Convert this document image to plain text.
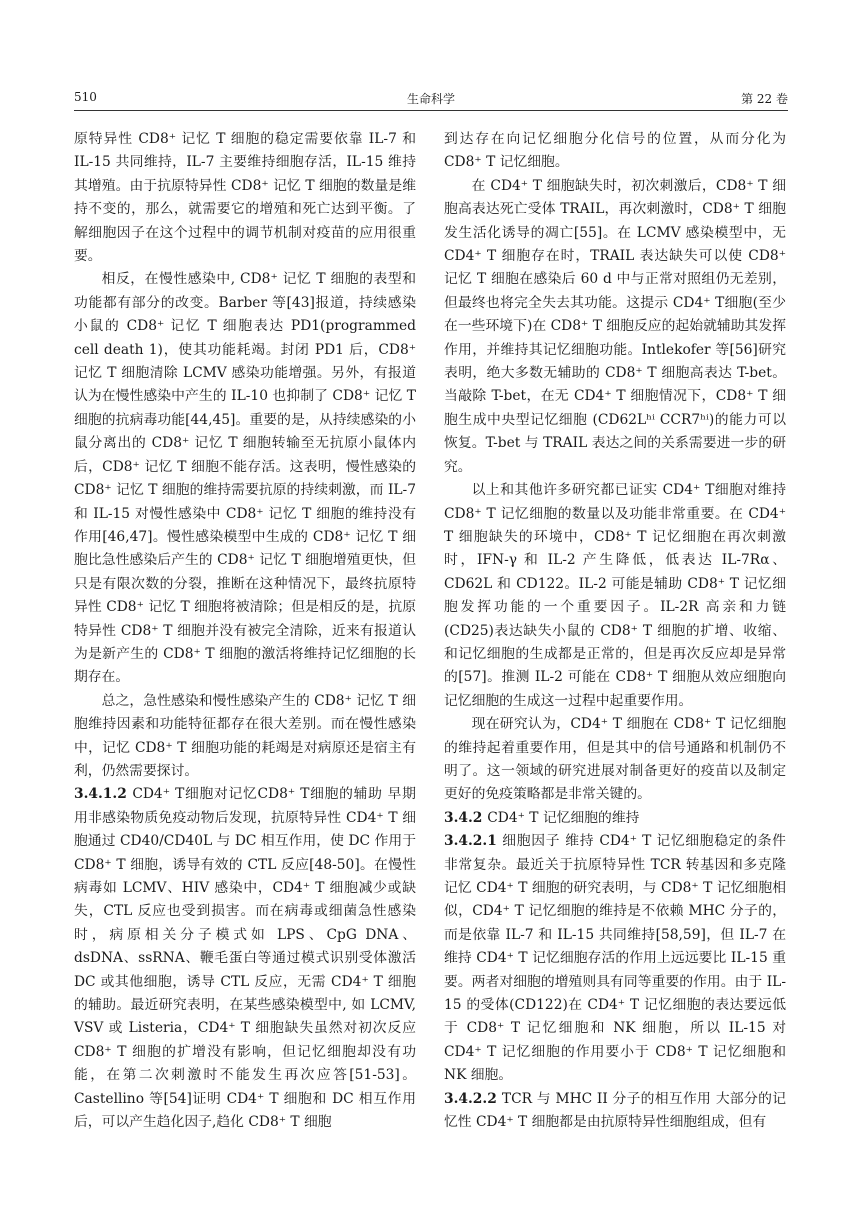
510	生命科学	第 22 卷

原特异性 CD8⁺ 记忆 T 细胞的稳定需要依靠 IL-7 和 IL-15 共同维持，IL-7 主要维持细胞存活，IL-15 维持其增殖。由于抗原特异性 CD8⁺ 记忆 T 细胞的数量是维持不变的，那么，就需要它的增殖和死亡达到平衡。了解细胞因子在这个过程中的调节机制对疫苗的应用很重要。

相反，在慢性感染中, CD8⁺ 记忆 T 细胞的表型和功能都有部分的改变。Barber 等[43]报道，持续感染小鼠的 CD8⁺ 记忆 T 细胞表达 PD1(programmed cell death 1)，使其功能耗竭。封闭 PD1 后，CD8⁺ 记忆 T 细胞清除 LCMV 感染功能增强。另外，有报道认为在慢性感染中产生的 IL-10 也抑制了 CD8⁺ 记忆 T 细胞的抗病毒功能[44,45]。重要的是，从持续感染的小鼠分离出的 CD8⁺ 记忆 T 细胞转输至无抗原小鼠体内后，CD8⁺ 记忆 T 细胞不能存活。这表明，慢性感染的 CD8⁺ 记忆 T 细胞的维持需要抗原的持续刺激，而 IL-7 和 IL-15 对慢性感染中 CD8⁺ 记忆 T 细胞的维持没有作用[46,47]。慢性感染模型中生成的 CD8⁺ 记忆 T 细胞比急性感染后产生的 CD8⁺ 记忆 T 细胞增殖更快，但只是有限次数的分裂，推断在这种情况下，最终抗原特异性 CD8⁺ 记忆 T 细胞将被清除；但是相反的是，抗原特异性 CD8⁺ T 细胞并没有被完全清除，近来有报道认为是新产生的 CD8⁺ T 细胞的激活将维持记忆细胞的长期存在。

总之，急性感染和慢性感染产生的 CD8⁺ 记忆 T 细胞维持因素和功能特征都存在很大差别。而在慢性感染中，记忆 CD8⁺ T 细胞功能的耗竭是对病原还是宿主有利，仍然需要探讨。

3.4.1.2 CD4⁺ T细胞对记忆CD8⁺ T细胞的辅助 早期用非感染物质免疫动物后发现，抗原特异性 CD4⁺ T 细胞通过 CD40/CD40L 与 DC 相互作用，使 DC 作用于 CD8⁺ T 细胞，诱导有效的 CTL 反应[48-50]。在慢性病毒如 LCMV、HIV 感染中，CD4⁺ T 细胞减少或缺失，CTL 反应也受到损害。而在病毒或细菌急性感染时，病原相关分子模式如 LPS、CpG DNA、dsDNA、ssRNA、鞭毛蛋白等通过模式识别受体激活 DC 或其他细胞，诱导 CTL 反应，无需 CD4⁺ T 细胞的辅助。最近研究表明，在某些感染模型中, 如 LCMV, VSV 或 Listeria，CD4⁺ T 细胞缺失虽然对初次反应 CD8⁺ T 细胞的扩增没有影响，但记忆细胞却没有功能，在第二次刺激时不能发生再次应答[51-53]。Castellino 等[54]证明 CD4⁺ T 细胞和 DC 相互作用后，可以产生趋化因子,趋化 CD8⁺ T 细胞

到达存在向记忆细胞分化信号的位置，从而分化为 CD8⁺ T 记忆细胞。

在 CD4⁺ T 细胞缺失时，初次刺激后，CD8⁺ T 细胞高表达死亡受体 TRAIL，再次刺激时，CD8⁺ T 细胞发生活化诱导的凋亡[55]。在 LCMV 感染模型中，无 CD4⁺ T 细胞存在时，TRAIL 表达缺失可以使 CD8⁺ 记忆 T 细胞在感染后 60 d 中与正常对照组仍无差别，但最终也将完全失去其功能。这提示 CD4⁺ T细胞(至少在一些环境下)在 CD8⁺ T 细胞反应的起始就辅助其发挥作用，并维持其记忆细胞功能。Intlekofer 等[56]研究表明，绝大多数无辅助的 CD8⁺ T 细胞高表达 T-bet。当敲除 T-bet，在无 CD4⁺ T 细胞情况下，CD8⁺ T 细胞生成中央型记忆细胞 (CD62Lʰⁱ CCR7ʰⁱ)的能力可以恢复。T-bet 与 TRAIL 表达之间的关系需要进一步的研究。

以上和其他许多研究都已证实 CD4⁺ T细胞对维持 CD8⁺ T 记忆细胞的数量以及功能非常重要。在 CD4⁺ T 细胞缺失的环境中，CD8⁺ T 记忆细胞在再次刺激时，IFN-γ 和 IL-2 产生降低，低表达 IL-7Rα、CD62L 和 CD122。IL-2 可能是辅助 CD8⁺ T 记忆细胞发挥功能的一个重要因子。IL-2R 高亲和力链 (CD25)表达缺失小鼠的 CD8⁺ T 细胞的扩增、收缩、和记忆细胞的生成都是正常的，但是再次反应却是异常的[57]。推测 IL-2 可能在 CD8⁺ T 细胞从效应细胞向记忆细胞的生成这一过程中起重要作用。

现在研究认为，CD4⁺ T 细胞在 CD8⁺ T 记忆细胞的维持起着重要作用，但是其中的信号通路和机制仍不明了。这一领域的研究进展对制备更好的疫苗以及制定更好的免疫策略都是非常关键的。

3.4.2 CD4⁺ T 记忆细胞的维持

3.4.2.1 细胞因子 维持 CD4⁺ T 记忆细胞稳定的条件非常复杂。最近关于抗原特异性 TCR 转基因和多克隆记忆 CD4⁺ T 细胞的研究表明，与 CD8⁺ T 记忆细胞相似，CD4⁺ T 记忆细胞的维持是不依赖 MHC 分子的，而是依靠 IL-7 和 IL-15 共同维持[58,59]，但 IL-7 在维持 CD4⁺ T 记忆细胞存活的作用上远远要比 IL-15 重要。两者对细胞的增殖则具有同等重要的作用。由于 IL-15 的受体(CD122)在 CD4⁺ T 记忆细胞的表达要远低于 CD8⁺ T 记忆细胞和 NK 细胞，所以 IL-15 对 CD4⁺ T 记忆细胞的作用要小于 CD8⁺ T 记忆细胞和 NK 细胞。

3.4.2.2 TCR 与 MHC II 分子的相互作用 大部分的记忆性 CD4⁺ T 细胞都是由抗原特异性细胞组成，但有
